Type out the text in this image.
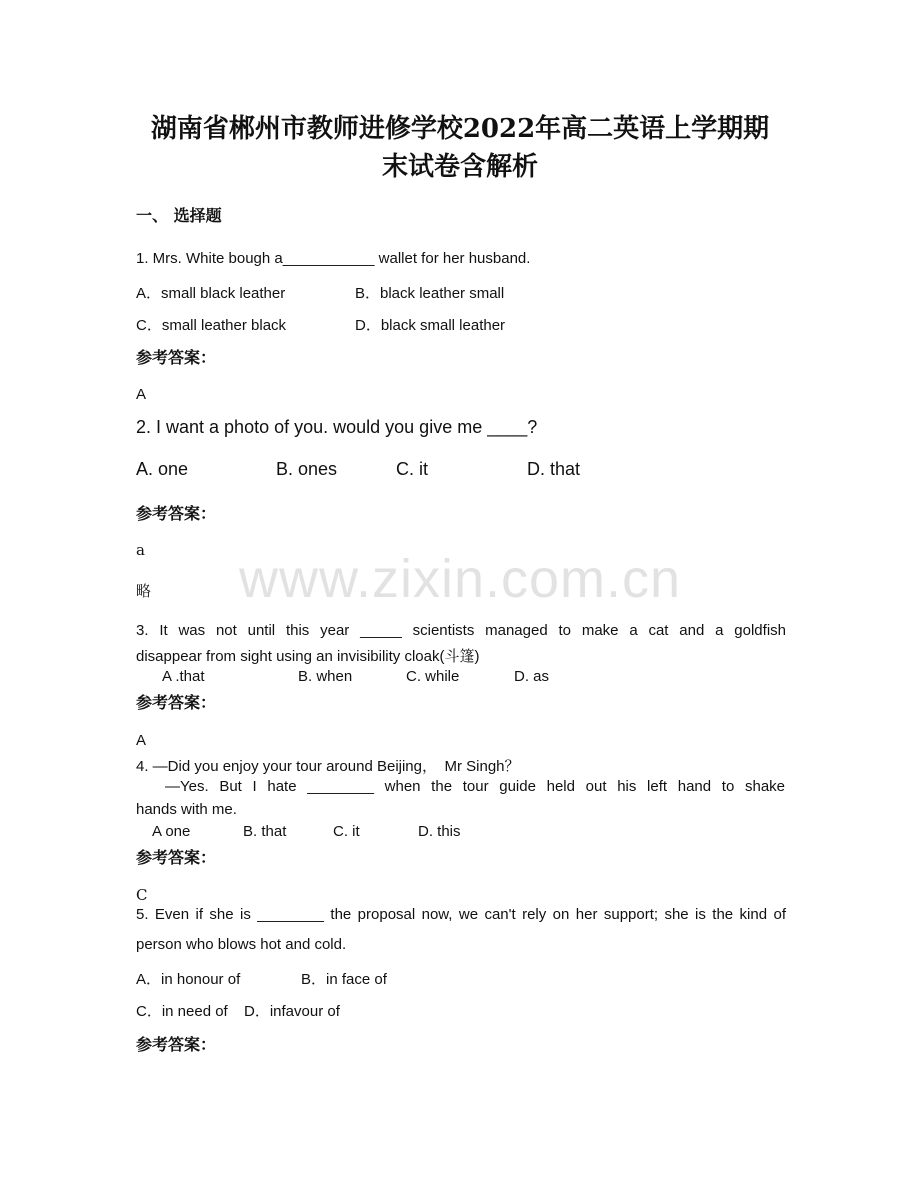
湖南省郴州市教师进修学校2022年高二英语上学期期
末试卷含解析
一、 选择题
1. Mrs. White bough a___________ wallet for her husband.
A．small black leather	B．black leather small
C．small leather black	D．black small leather
参考答案：
A
2. I want a photo of you. would you give me ____?
A. one	B. ones	C. it	D. that
参考答案：
a
略	www.zixin.com.cn
3. It was not until this year _____ scientists managed to make a cat and a goldfish
disappear from sight using an invisibility cloak(斗篷)
A .that	B. when	C. while	D. as
参考答案：
A
4. —Did you enjoy your tour around Beijing，　Mr Singh？
—Yes. But I hate ________ when the tour guide held out his left hand to shake
hands with me.
A one	B. that	C. it	D. this
参考答案：
C
5. Even if she is ________ the proposal now, we can't rely on her support; she is the kind of
person who blows hot and cold.
A．in honour of	B．in face of
C．in need of D．infavour of
参考答案：
